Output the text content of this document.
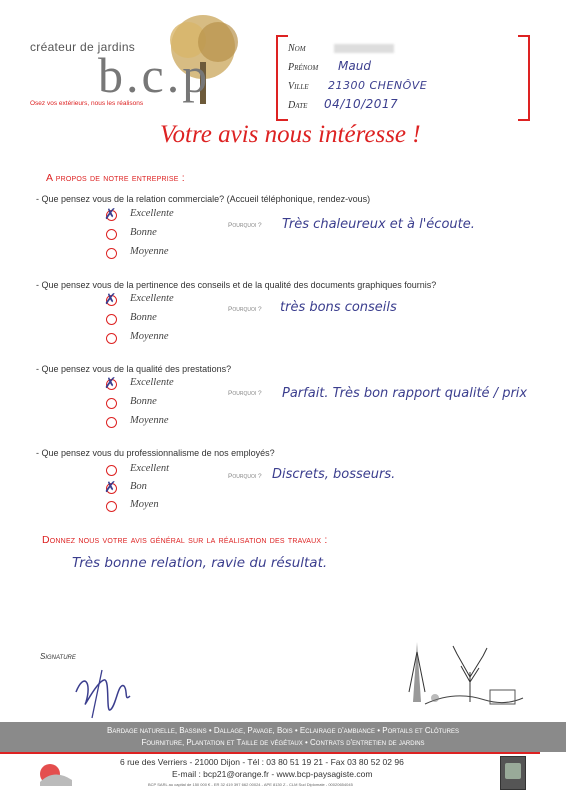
créateur de jardins
b.c.p
Osez vos extérieurs, nous les réalisons
Nom
Prénom Maud
Ville 21300 CHENÔVE
Date 04/10/2017
Votre avis nous intéresse !
A propos de notre entreprise :
- Que pensez vous de la relation commerciale? (Accueil téléphonique, rendez-vous)
✗ Excellente
Bonne
Moyenne
Pourquoi ? Très chaleureux et à l'écoute.
- Que pensez vous de la pertinence des conseils et de la qualité des documents graphiques fournis?
✗ Excellente
Bonne
Moyenne
Pourquoi ? très bons conseils
- Que pensez vous de la qualité des prestations?
✗ Excellente
Bonne
Moyenne
Pourquoi ? Parfait. Très bon rapport qualité / prix
- Que pensez vous du professionnalisme de nos employés?
Excellent
✗ Bon
Moyen
Pourquoi ? Discrets, bosseurs.
Donnez nous votre avis général sur la réalisation des travaux :
Très bonne relation, ravie du résultat.
Signature
Bardage naturelle, Bassins • Dallage, Pavage, Bois • Eclairage d'ambiance • Portails et Clôtures
Fourniture, Plantation et Taille de végétaux • Contrats d'entretien de jardins
6 rue des Verriers - 21000 Dijon - Tél : 03 80 51 19 21 - Fax 03 80 52 02 96
E-mail : bcp21@orange.fr - www.bcp-paysagiste.com
BCP SARL au capital de 150 000 € - ER 32 419 397 662 00024 - APE 8130 Z - CLM Sud Diplomate - 00020654045
